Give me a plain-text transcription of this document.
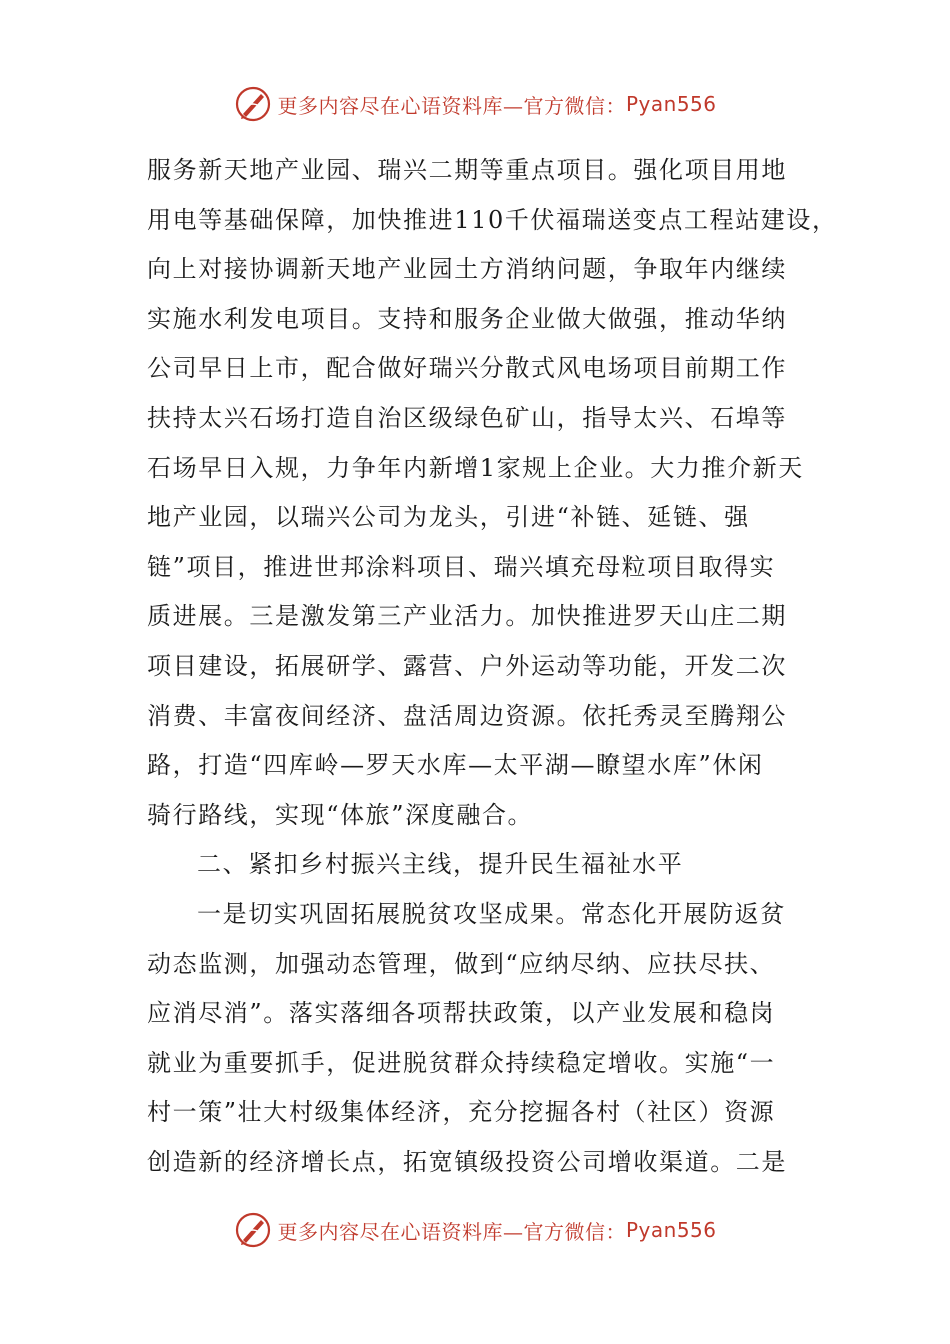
更多内容尽在心语资料库—官方微信： Pyan556
服务新天地产业园、瑞兴二期等重点项目。强化项目用地
用电等基础保障，加快推进110千伏福瑞送变点工程站建设，
向上对接协调新天地产业园土方消纳问题，争取年内继续
实施水利发电项目。支持和服务企业做大做强，推动华纳
公司早日上市，配合做好瑞兴分散式风电场项目前期工作
扶持太兴石场打造自治区级绿色矿山，指导太兴、石埠等
石场早日入规，力争年内新增1家规上企业。大力推介新天
地产业园，以瑞兴公司为龙头，引进“补链、延链、强
链”项目，推进世邦涂料项目、瑞兴填充母粒项目取得实
质进展。三是激发第三产业活力。加快推进罗天山庄二期
项目建设，拓展研学、露营、户外运动等功能，开发二次
消费、丰富夜间经济、盘活周边资源。依托秀灵至腾翔公
路，打造“四库岭—罗天水库—太平湖—瞭望水库”休闲
骑行路线，实现“体旅”深度融合。
二、紧扣乡村振兴主线，提升民生福祉水平
一是切实巩固拓展脱贫攻坚成果。常态化开展防返贫
动态监测，加强动态管理，做到“应纳尽纳、应扶尽扶、
应消尽消”。落实落细各项帮扶政策，以产业发展和稳岗
就业为重要抓手，促进脱贫群众持续稳定增收。实施“一
村一策”壮大村级集体经济，充分挖掘各村（社区）资源
创造新的经济增长点，拓宽镇级投资公司增收渠道。二是
更多内容尽在心语资料库—官方微信： Pyan556
